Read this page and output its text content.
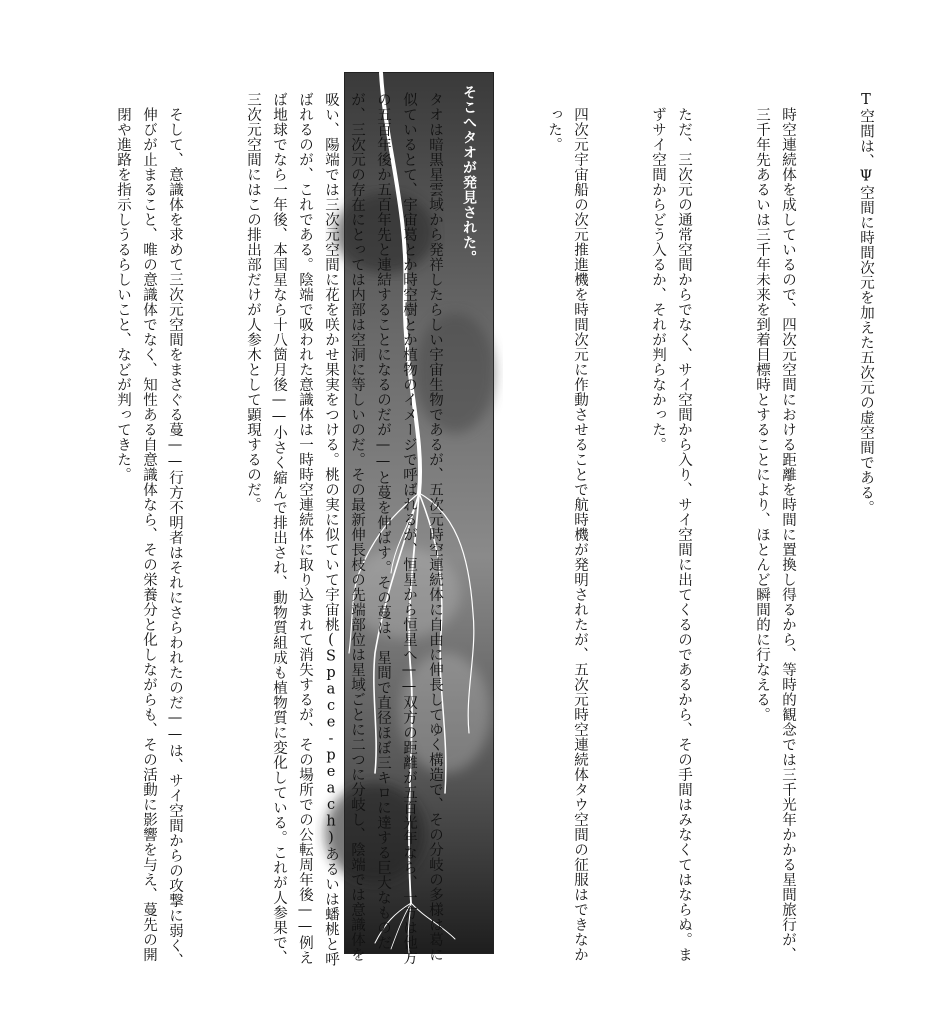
T空間は、Ψ空間に時間次元を加えた五次元の虚空間である。

時空連続体を成しているので、四次元空間における距離を時間に置換し得るから、等時的観念では三千光年かかる星間旅行が、三千年先あるいは三千年未来を到着目標時とすることにより、ほとんど瞬間的に行なえる。

ただ、三次元の通常空間からでなく、サイ空間から入り、サイ空間に出てくるのであるから、その手間はみなくてはならぬ。まずサイ空間からどう入るか、それが判らなかった。

四次元宇宙船の次元推進機を時間次元に作動させることで航時機が発明されたが、五次元時空連続体タウ空間の征服はできなかった。

そこへタオが発見された。

タオは暗黒星雲域から発祥したらしい宇宙生物であるが、五次元時空連続体に自由に伸長してゆく構造で、その分岐の多様は葛に似ているとて、宇宙葛とか時空樹とか植物のイメージで呼ばれるが、恒星から恒星へ——双方の距離が五百光年なら、一方は他方の五百年後か五百年先と連結することになるのだが——と蔓を伸ばす。その蔓は、星間で直径ほぼ三キロに達する巨大なものだが、三次元の存在にとっては内部は空洞に等しいのだ。その最新伸長枝の先端部位は星域ごとに二つに分岐し、陰端では意識体を吸い、陽端では三次元空間に花を咲かせ果実をつける。桃の実に似ていて宇宙桃(Space-peach)あるいは蟠桃と呼ばれるのが、これである。陰端で吸われた意識体は一時時空連続体に取り込まれて消失するが、その場所での公転周年後——例えば地球でなら一年後、本国星なら十八箇月後——小さく縮んで排出され、動物質組成も植物質に変化している。これが人参果で、三次元空間にはこの排出部だけが人参木として顕現するのだ。

そして、意識体を求めて三次元空間をまさぐる蔓——行方不明者はそれにさらわれたのだ——は、サイ空間からの攻撃に弱く、伸びが止まること、唯の意識体でなく、知性ある自意識体なら、その栄養分と化しながらも、その活動に影響を与え、蔓先の開閉や進路を指示しうるらしいこと、などが判ってきた。
